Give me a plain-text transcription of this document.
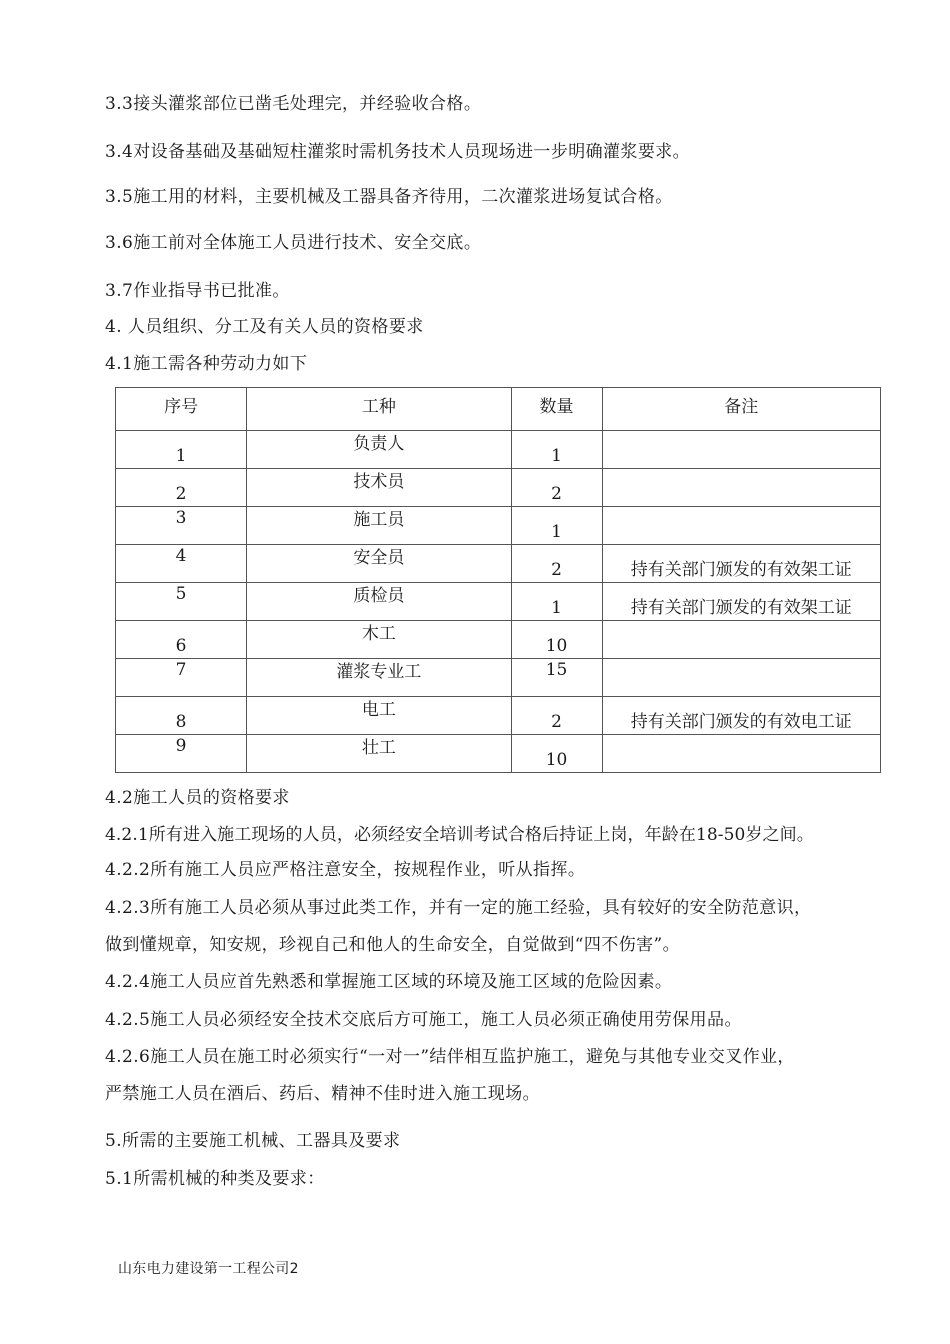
3.3接头灌浆部位已凿毛处理完，并经验收合格。
3.4对设备基础及基础短柱灌浆时需机务技术人员现场进一步明确灌浆要求。
3.5施工用的材料，主要机械及工器具备齐待用，二次灌浆进场复试合格。
3.6施工前对全体施工人员进行技术、安全交底。
3.7作业指导书已批准。
4. 人员组织、分工及有关人员的资格要求
4.1施工需各种劳动力如下
序号	工种	数量	备注

1	负责人	1	

2	技术员	2	

3	施工员	1	

4	安全员	2	持有关部门颁发的有效架工证

5	质检员	1	持有关部门颁发的有效架工证

6	木工	10	

7	灌浆专业工	15	

8	电工	2	持有关部门颁发的有效电工证

9	壮工	10	

4.2施工人员的资格要求
4.2.1所有进入施工现场的人员，必须经安全培训考试合格后持证上岗，年龄在18-50岁之间。
4.2.2所有施工人员应严格注意安全，按规程作业，听从指挥。
4.2.3所有施工人员必须从事过此类工作，并有一定的施工经验，具有较好的安全防范意识，
做到懂规章，知安规，珍视自己和他人的生命安全，自觉做到“四不伤害”。
4.2.4施工人员应首先熟悉和掌握施工区域的环境及施工区域的危险因素。
4.2.5施工人员必须经安全技术交底后方可施工，施工人员必须正确使用劳保用品。
4.2.6施工人员在施工时必须实行“一对一”结伴相互监护施工，避免与其他专业交叉作业，
严禁施工人员在酒后、药后、精神不佳时进入施工现场。
5.所需的主要施工机械、工器具及要求
5.1所需机械的种类及要求：
山东电力建设第一工程公司2
